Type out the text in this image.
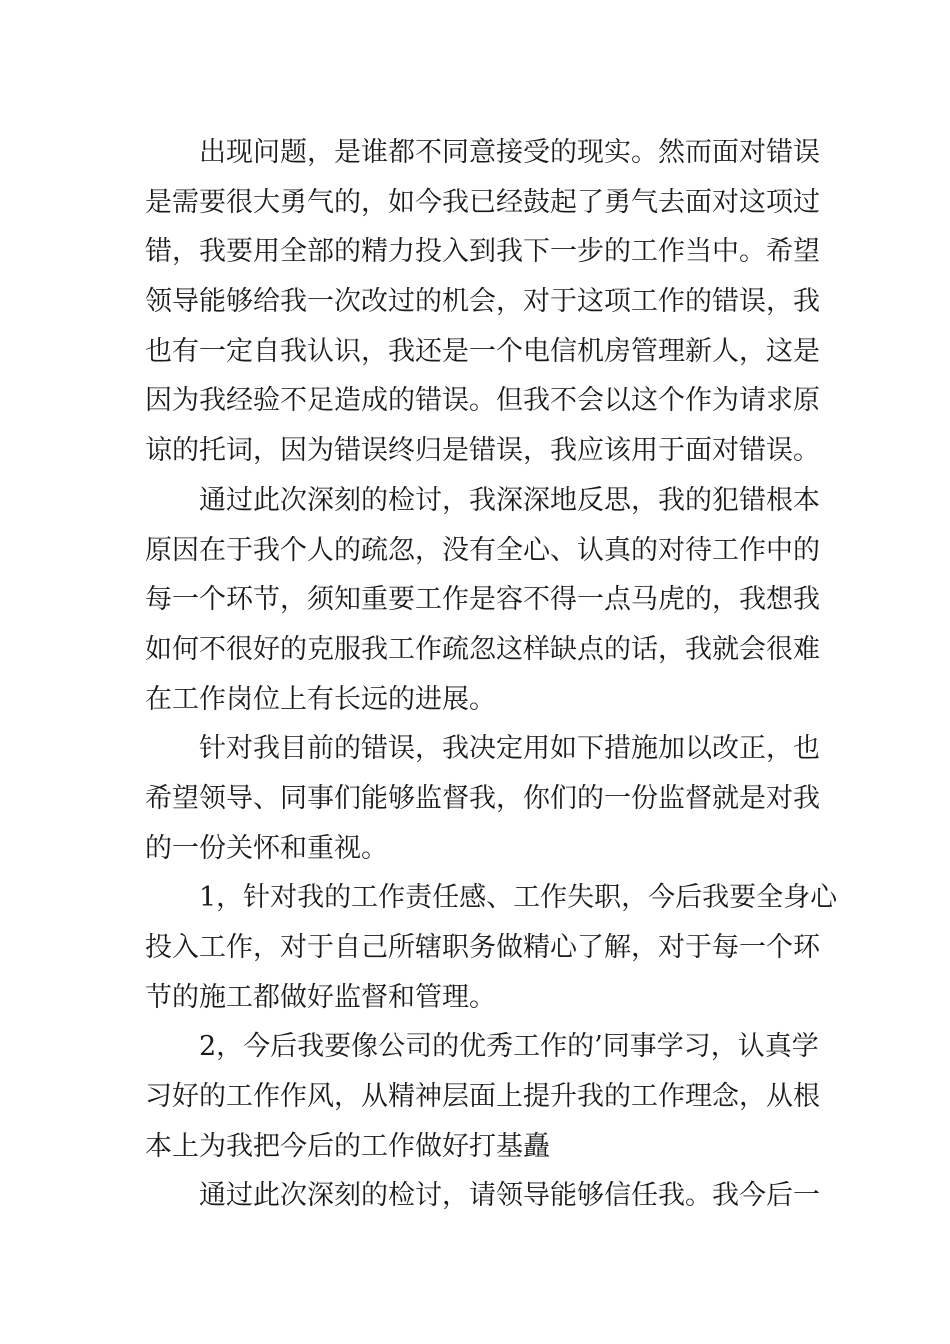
出现问题，是谁都不同意接受的现实。然而面对错误
是需要很大勇气的，如今我已经鼓起了勇气去面对这项过
错，我要用全部的精力投入到我下一步的工作当中。希望
领导能够给我一次改过的机会，对于这项工作的错误，我
也有一定自我认识，我还是一个电信机房管理新人，这是
因为我经验不足造成的错误。但我不会以这个作为请求原
谅的托词，因为错误终归是错误，我应该用于面对错误。
通过此次深刻的检讨，我深深地反思，我的犯错根本
原因在于我个人的疏忽，没有全心、认真的对待工作中的
每一个环节，须知重要工作是容不得一点马虎的，我想我
如何不很好的克服我工作疏忽这样缺点的话，我就会很难
在工作岗位上有长远的进展。
针对我目前的错误，我决定用如下措施加以改正，也
希望领导、同事们能够监督我，你们的一份监督就是对我
的一份关怀和重视。
1，针对我的工作责任感、工作失职，今后我要全身心
投入工作，对于自己所辖职务做精心了解，对于每一个环
节的施工都做好监督和管理。
2，今后我要像公司的优秀工作的’同事学习，认真学
习好的工作作风，从精神层面上提升我的工作理念，从根
本上为我把今后的工作做好打基矗
通过此次深刻的检讨，请领导能够信任我。我今后一
